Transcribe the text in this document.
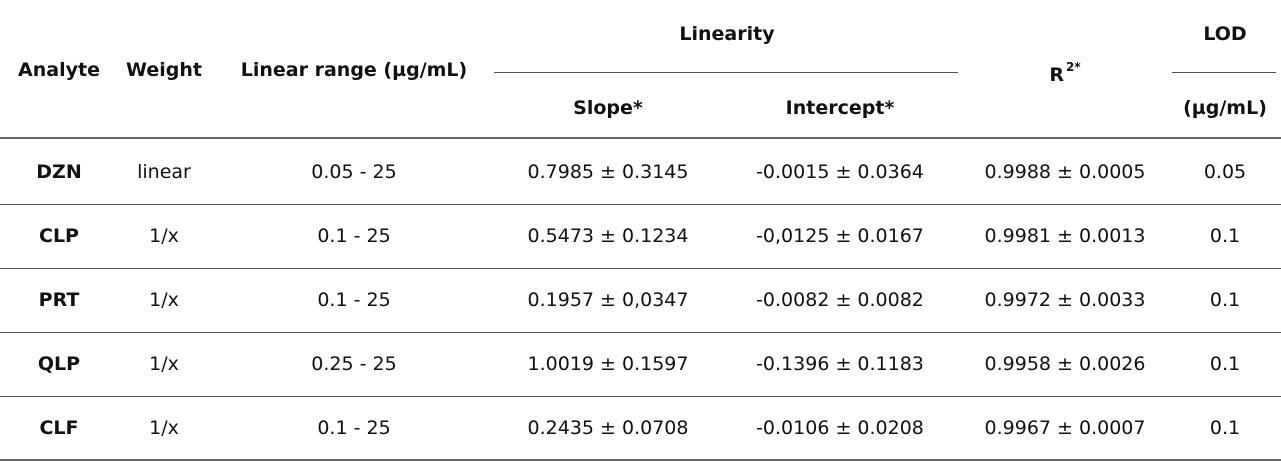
Analyte	Weight	Linear range (µg/mL)
Linearity
Slope*	Intercept*
$R^{2*}$
LOD
(µg/mL)
DZN	linear	0.05 - 25	0.7985 ± 0.3145	-0.0015 ± 0.0364	0.9988 ± 0.0005	0.05
CLP	1/x	0.1 - 25	0.5473 ± 0.1234	-0,0125 ± 0.0167	0.9981 ± 0.0013	0.1
PRT	1/x	0.1 - 25	0.1957 ± 0,0347	-0.0082 ± 0.0082	0.9972 ± 0.0033	0.1
QLP	1/x	0.25 - 25	1.0019 ± 0.1597	-0.1396 ± 0.1183	0.9958 ± 0.0026	0.1
CLF	1/x	0.1 - 25	0.2435 ± 0.0708	-0.0106 ± 0.0208	0.9967 ± 0.0007	0.1
